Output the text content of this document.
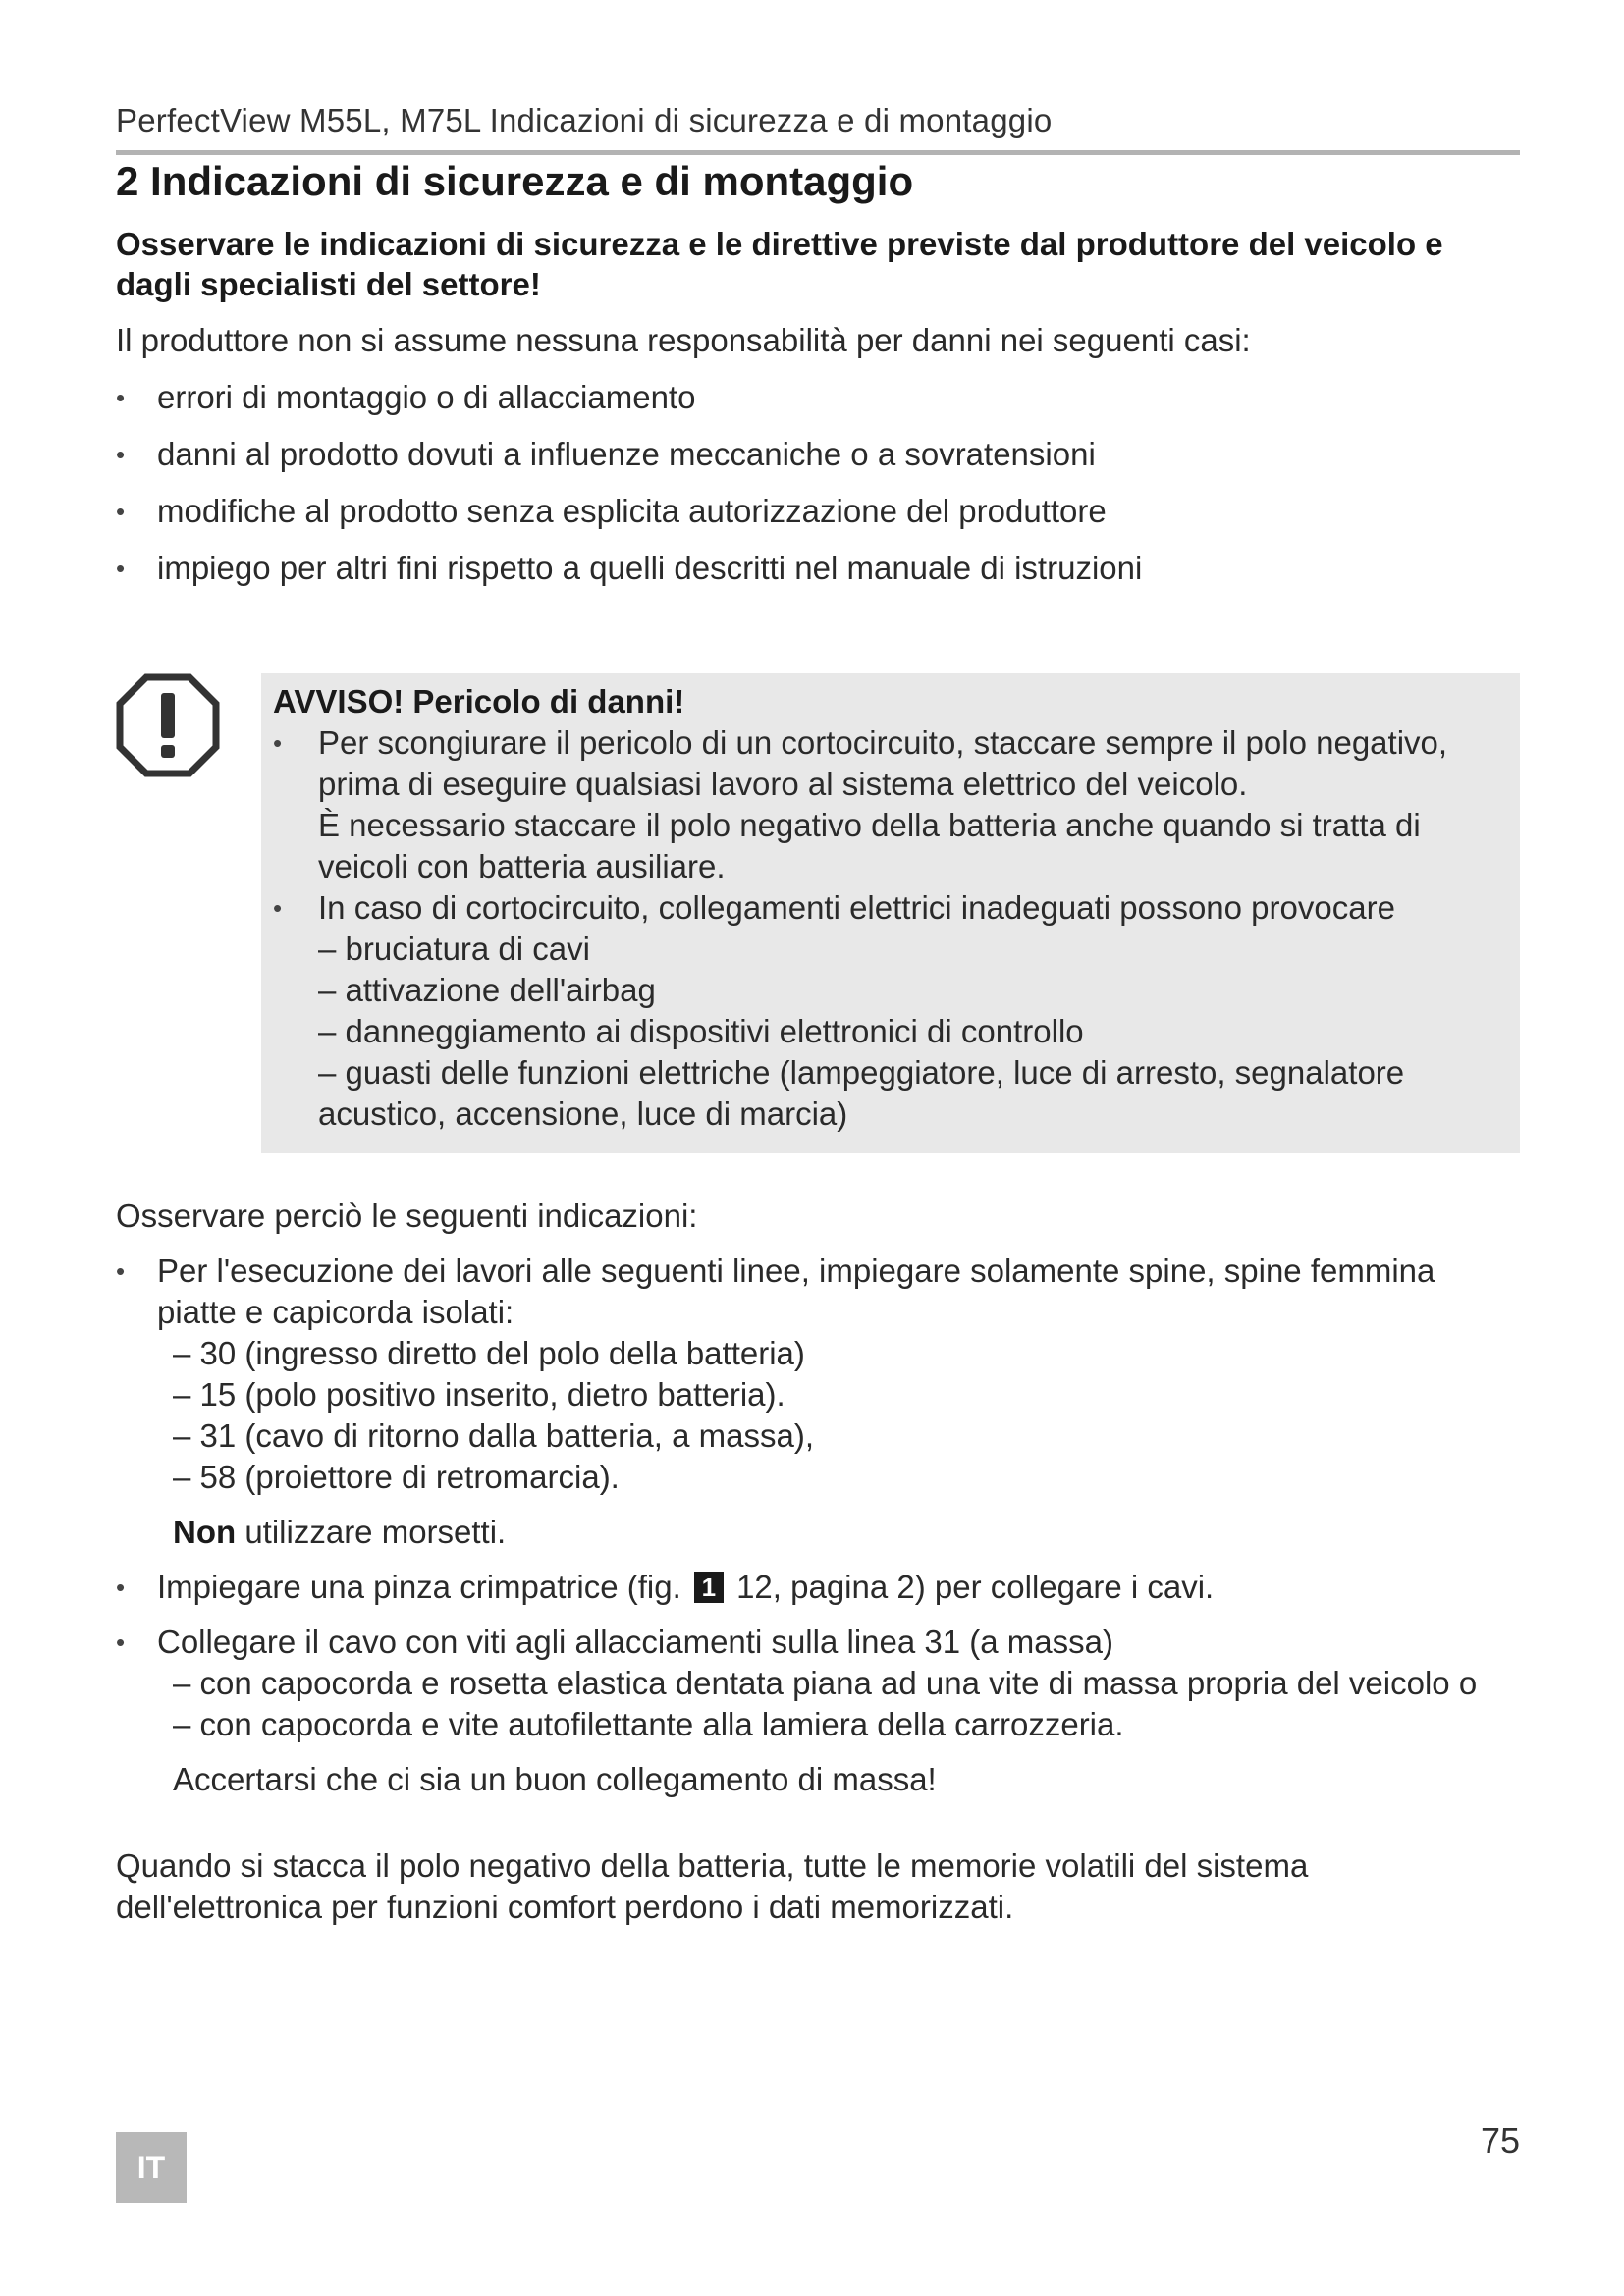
PerfectView M55L, M75L Indicazioni di sicurezza e di montaggio
2 Indicazioni di sicurezza e di montaggio

Osservare le indicazioni di sicurezza e le direttive previste dal produttore del veicolo e dagli specialisti del settore!

Il produttore non si assume nessuna responsabilità per danni nei seguenti casi:

• errori di montaggio o di allacciamento
• danni al prodotto dovuti a influenze meccaniche o a sovratensioni
• modifiche al prodotto senza esplicita autorizzazione del produttore
• impiego per altri fini rispetto a quelli descritti nel manuale di istruzioni

AVVISO! Pericolo di danni!

• Per scongiurare il pericolo di un cortocircuito, staccare sempre il polo negativo, prima di eseguire qualsiasi lavoro al sistema elettrico del veicolo.
È necessario staccare il polo negativo della batteria anche quando si tratta di veicoli con batteria ausiliare.
• In caso di cortocircuito, collegamenti elettrici inadeguati possono provocare
– bruciatura di cavi
– attivazione dell'airbag
– danneggiamento ai dispositivi elettronici di controllo
– guasti delle funzioni elettriche (lampeggiatore, luce di arresto, segnalatore acustico, accensione, luce di marcia)

Osservare perciò le seguenti indicazioni:

• Per l'esecuzione dei lavori alle seguenti linee, impiegare solamente spine, spine femmina piatte e capicorda isolati:
– 30 (ingresso diretto del polo della batteria)
– 15 (polo positivo inserito, dietro batteria).
– 31 (cavo di ritorno dalla batteria, a massa),
– 58 (proiettore di retromarcia).
Non utilizzare morsetti.
• Impiegare una pinza crimpatrice (fig. 1 12, pagina 2) per collegare i cavi.
• Collegare il cavo con viti agli allacciamenti sulla linea 31 (a massa)
– con capocorda e rosetta elastica dentata piana ad una vite di massa propria del veicolo o
– con capocorda e vite autofilettante alla lamiera della carrozzeria.
Accertarsi che ci sia un buon collegamento di massa!

Quando si stacca il polo negativo della batteria, tutte le memorie volatili del sistema dell'elettronica per funzioni comfort perdono i dati memorizzati.

75
IT
